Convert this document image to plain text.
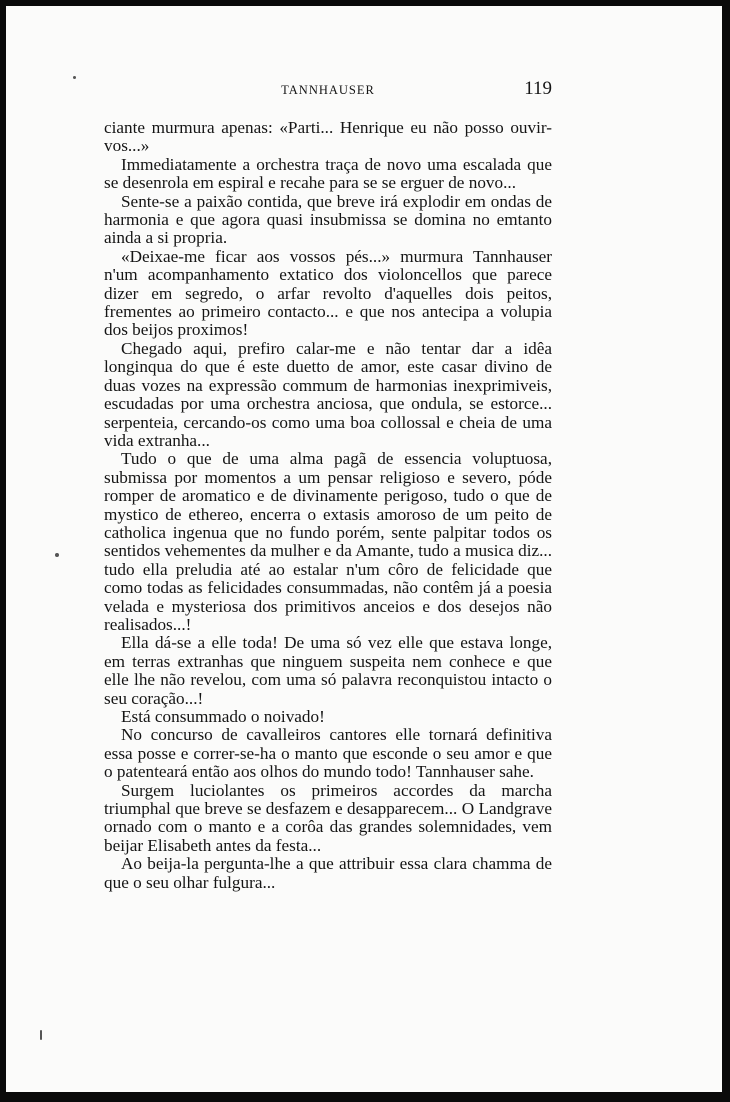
TANNHAUSER	119

ciante murmura apenas: «Parti... Henrique eu não posso ouvir-vos...»

Immediatamente a orchestra traça de novo uma escalada que se desenrola em espiral e recahe para se se erguer de novo...

Sente-se a paixão contida, que breve irá explodir em ondas de harmonia e que agora quasi insubmissa se domina no emtanto ainda a si propria.

«Deixae-me ficar aos vossos pés...» murmura Tannhauser n'um acompanhamento extatico dos violoncellos que parece dizer em segredo, o arfar revolto d'aquelles dois peitos, frementes ao primeiro contacto... e que nos antecipa a volupia dos beijos proximos!

Chegado aqui, prefiro calar-me e não tentar dar a idêa longinqua do que é este duetto de amor, este casar divino de duas vozes na expressão commum de harmonias inexprimiveis, escudadas por uma orchestra anciosa, que ondula, se estorce... serpenteia, cercando-os como uma boa collossal e cheia de uma vida extranha...

Tudo o que de uma alma pagã de essencia voluptuosa, submissa por momentos a um pensar religioso e severo, póde romper de aromatico e de divinamente perigoso, tudo o que de mystico de ethereo, encerra o extasis amoroso de um peito de catholica ingenua que no fundo porém, sente palpitar todos os sentidos vehementes da mulher e da Amante, tudo a musica diz... tudo ella preludia até ao estalar n'um côro de felicidade que como todas as felicidades consummadas, não contêm já a poesia velada e mysteriosa dos primitivos anceios e dos desejos não realisados...!

Ella dá-se a elle toda! De uma só vez elle que estava longe, em terras extranhas que ninguem suspeita nem conhece e que elle lhe não revelou, com uma só palavra reconquistou intacto o seu coração...!

Está consummado o noivado!

No concurso de cavalleiros cantores elle tornará definitiva essa posse e correr-se-ha o manto que esconde o seu amor e que o patenteará então aos olhos do mundo todo! Tannhauser sahe.

Surgem luciolantes os primeiros accordes da marcha triumphal que breve se desfazem e desapparecem... O Landgrave ornado com o manto e a corôa das grandes solemnidades, vem beijar Elisabeth antes da festa...

Ao beija-la pergunta-lhe a que attribuir essa clara chamma de que o seu olhar fulgura...
